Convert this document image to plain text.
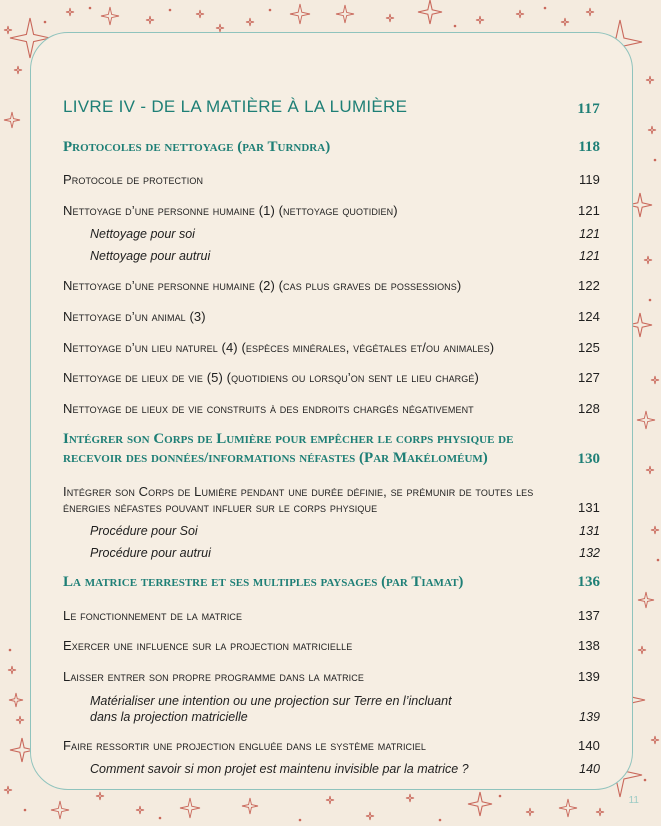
LIVRE IV - DE LA MATIÈRE À LA LUMIÈRE	117
Protocoles de nettoyage (par Turndra)	118
Protocole de protection	119
Nettoyage d’une personne humaine (1) (nettoyage quotidien)	121
Nettoyage pour soi	121
Nettoyage pour autrui	121
Nettoyage d’une personne humaine (2) (cas plus graves de possessions)	122
Nettoyage d’un animal (3)	124
Nettoyage d’un lieu naturel (4) (espèces minérales, végétales et/ou animales)	125
Nettoyage de lieux de vie (5) (quotidiens ou lorsqu’on sent le lieu chargé)	127
Nettoyage de lieux de vie construits à des endroits chargés négativement	128
Intégrer son Corps de Lumière pour empêcher le corps physique de recevoir des données/informations néfastes (Par Makéloméum)	130
Intégrer son Corps de Lumière pendant une durée définie, se prémunir de toutes les énergies néfastes pouvant influer sur le corps physique	131
Procédure pour Soi	131
Procédure pour autrui	132
La matrice terrestre et ses multiples paysages (par Tiamat)	136
Le fonctionnement de la matrice	137
Exercer une influence sur la projection matricielle	138
Laisser entrer son propre programme dans la matrice	139
Matérialiser une intention ou une projection sur Terre en l’incluant dans la projection matricielle	139
Faire ressortir une projection engluée dans le système matriciel	140
Comment savoir si mon projet est maintenu invisible par la matrice ?	140
11
